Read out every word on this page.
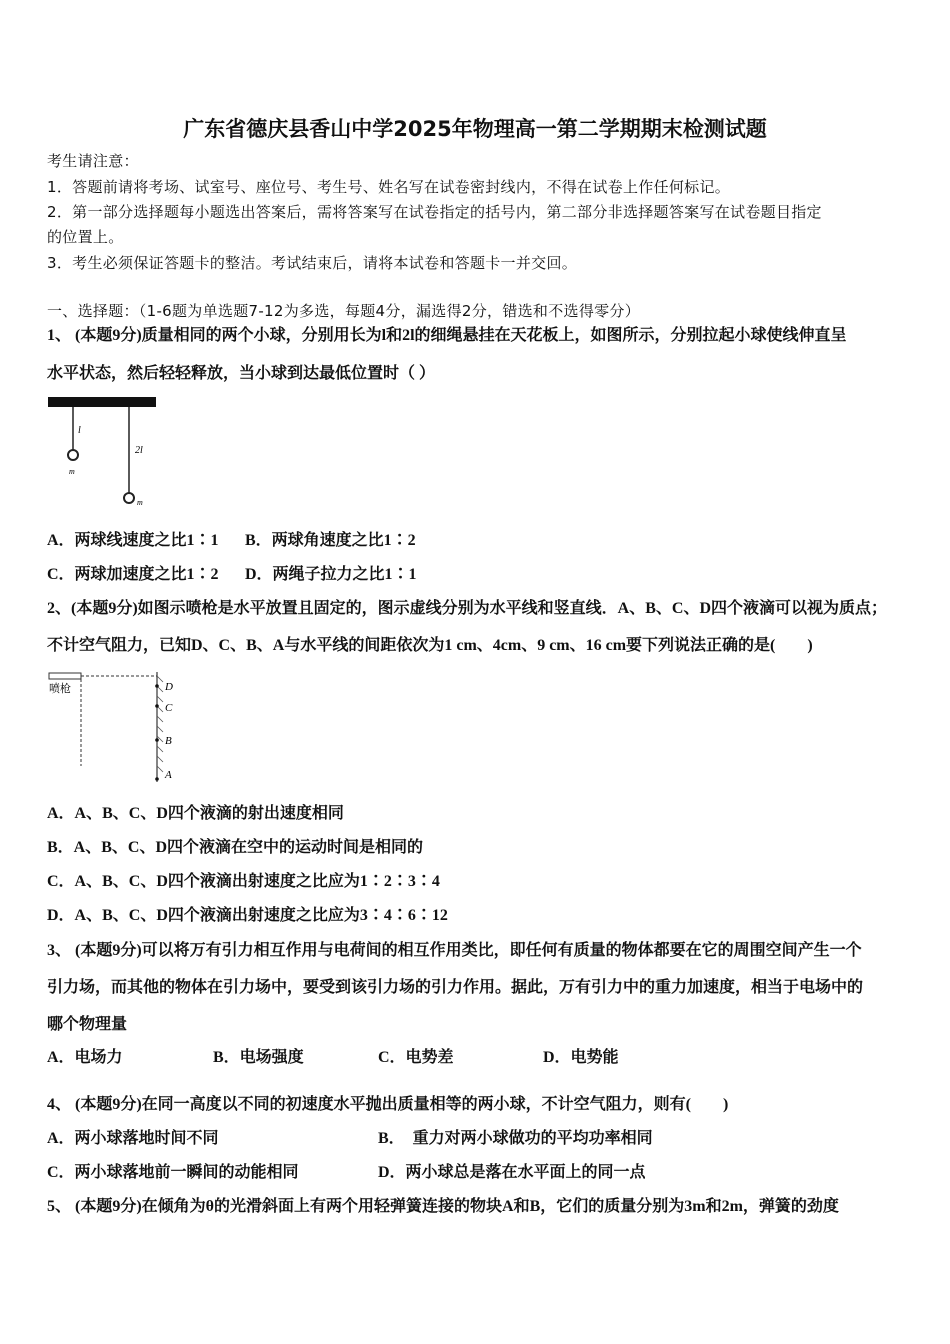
广东省德庆县香山中学2025年物理高一第二学期期末检测试题
考生请注意：
1．答题前请将考场、试室号、座位号、考生号、姓名写在试卷密封线内，不得在试卷上作任何标记。
2．第一部分选择题每小题选出答案后，需将答案写在试卷指定的括号内，第二部分非选择题答案写在试卷题目指定
的位置上。
3．考生必须保证答题卡的整洁。考试结束后，请将本试卷和答题卡一并交回。
一、选择题：（1-6题为单选题7-12为多选，每题4分，漏选得2分，错选和不选得零分）
1、 (本题9分)质量相同的两个小球，分别用长为l和2l的细绳悬挂在天花板上，如图所示，分别拉起小球使线伸直呈
水平状态，然后轻轻释放，当小球到达最低位置时（ ）
l
2l
m
m
A．两球线速度之比1∶1 B．两球角速度之比1∶2
C．两球加速度之比1∶2 D．两绳子拉力之比1∶1
2、(本题9分)如图示喷枪是水平放置且固定的，图示虚线分别为水平线和竖直线．A、B、C、D四个液滴可以视为质点；
不计空气阻力，已知D、C、B、A与水平线的间距依次为1 cm、4cm、9 cm、16 cm要下列说法正确的是(　　)
喷枪	D
C
B
A
A．A、B、C、D四个液滴的射出速度相同
B．A、B、C、D四个液滴在空中的运动时间是相同的
C．A、B、C、D四个液滴出射速度之比应为1∶2∶3∶4
D．A、B、C、D四个液滴出射速度之比应为3∶4∶6∶12
3、 (本题9分)可以将万有引力相互作用与电荷间的相互作用类比，即任何有质量的物体都要在它的周围空间产生一个
引力场，而其他的物体在引力场中，要受到该引力场的引力作用。据此，万有引力中的重力加速度，相当于电场中的
哪个物理量
A．电场力	B．电场强度	C．电势差	D．电势能
4、 (本题9分)在同一高度以不同的初速度水平抛出质量相等的两小球，不计空气阻力，则有(　　)
A．两小球落地时间不同	B．　重力对两小球做功的平均功率相同
C．两小球落地前一瞬间的动能相同	D．两小球总是落在水平面上的同一点
5、 (本题9分)在倾角为θ的光滑斜面上有两个用轻弹簧连接的物块A和B，它们的质量分别为3m和2m，弹簧的劲度
